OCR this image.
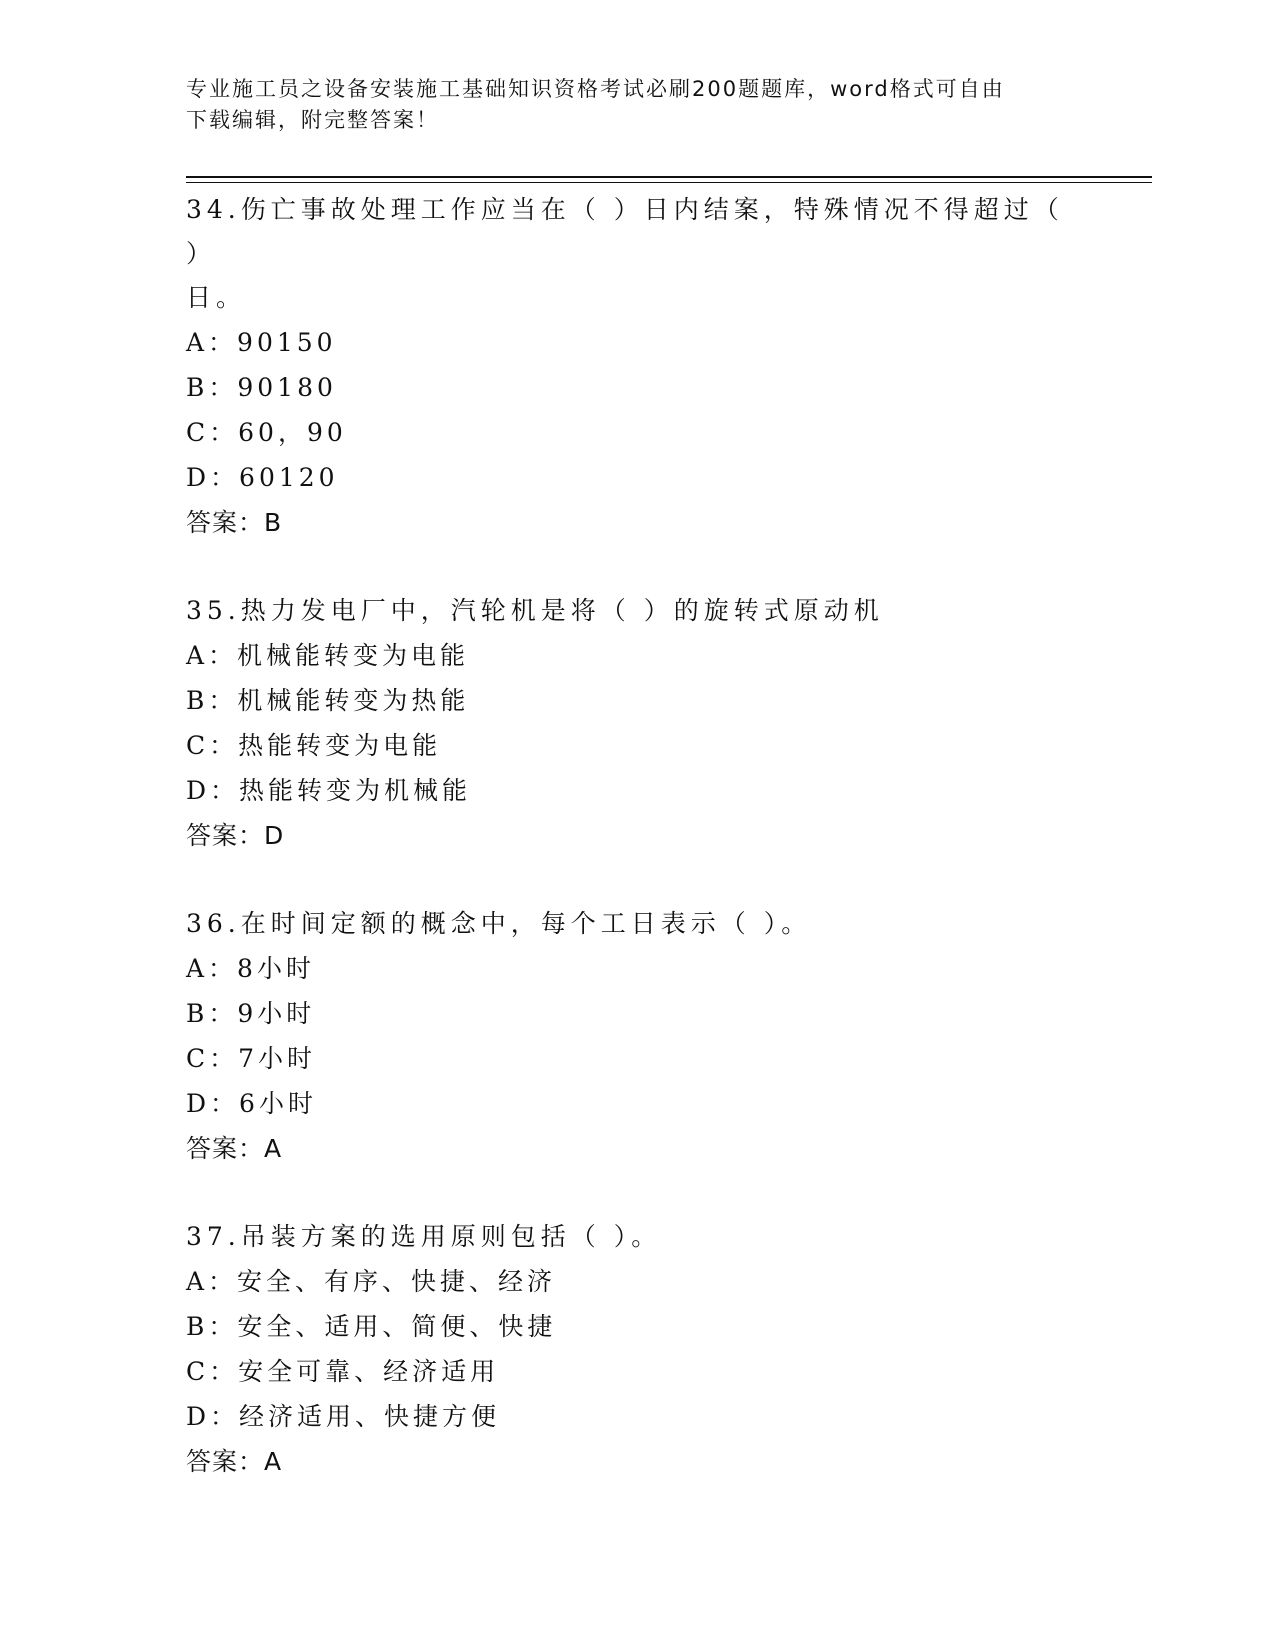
专业施工员之设备安装施工基础知识资格考试必刷200题题库，word格式可自由
下载编辑，附完整答案！

34.伤亡事故处理工作应当在（ ）日内结案，特殊情况不得超过（ ）

日。

A：90150

B：90180

C：60，90

D：60120

答案：B

35.热力发电厂中，汽轮机是将（ ）的旋转式原动机

A：机械能转变为电能

B：机械能转变为热能

C：热能转变为电能

D：热能转变为机械能

答案：D

36.在时间定额的概念中，每个工日表示（ ）。

A：8小时

B：9小时

C：7小时

D：6小时

答案：A

37.吊装方案的选用原则包括（ ）。

A：安全、有序、快捷、经济

B：安全、适用、简便、快捷

C：安全可靠、经济适用

D：经济适用、快捷方便

答案：A
